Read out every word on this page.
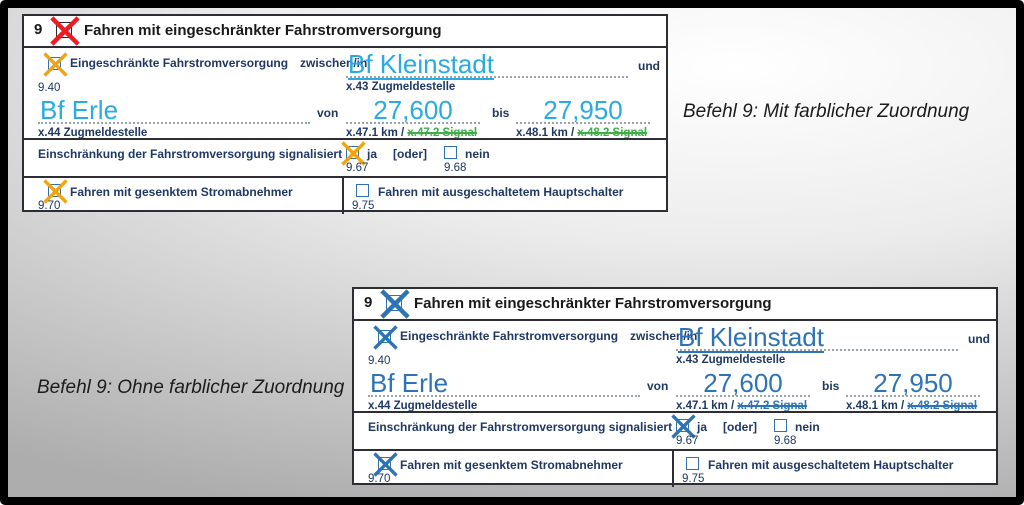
9	Fahren mit eingeschränkter Fahrstromversorgung
Eingeschränkte Fahrstromversorgung zwischen/in
Bf Kleinstadt	und
9.40	x.43 Zugmeldestelle
Bf Erle	von	27,600	bis	27,950
x.44 Zugmeldestelle	x.47.1 km / x.47.2 Signal	x.48.1 km / x.48.2 Signal
Einschränkung der Fahrstromversorgung signalisiert ja [oder]	nein
9.67	9.68
Fahren mit gesenktem Stromabnehmer
9.70
Fahren mit ausgeschaltetem Hauptschalter
9.75
9	Fahren mit eingeschränkter Fahrstromversorgung
Eingeschränkte Fahrstromversorgung zwischen/in
Bf Kleinstadt	und
9.40	x.43 Zugmeldestelle
Bf Erle	von	27,600	bis	27,950
x.44 Zugmeldestelle	x.47.1 km / x.47.2 Signal	x.48.1 km / x.48.2 Signal
Einschränkung der Fahrstromversorgung signalisiert ja [oder]	nein
9.67	9.68
Fahren mit gesenktem Stromabnehmer
9.70
Fahren mit ausgeschaltetem Hauptschalter
9.75
Befehl 9: Mit farblicher Zuordnung
Befehl 9: Ohne farblicher Zuordnung
